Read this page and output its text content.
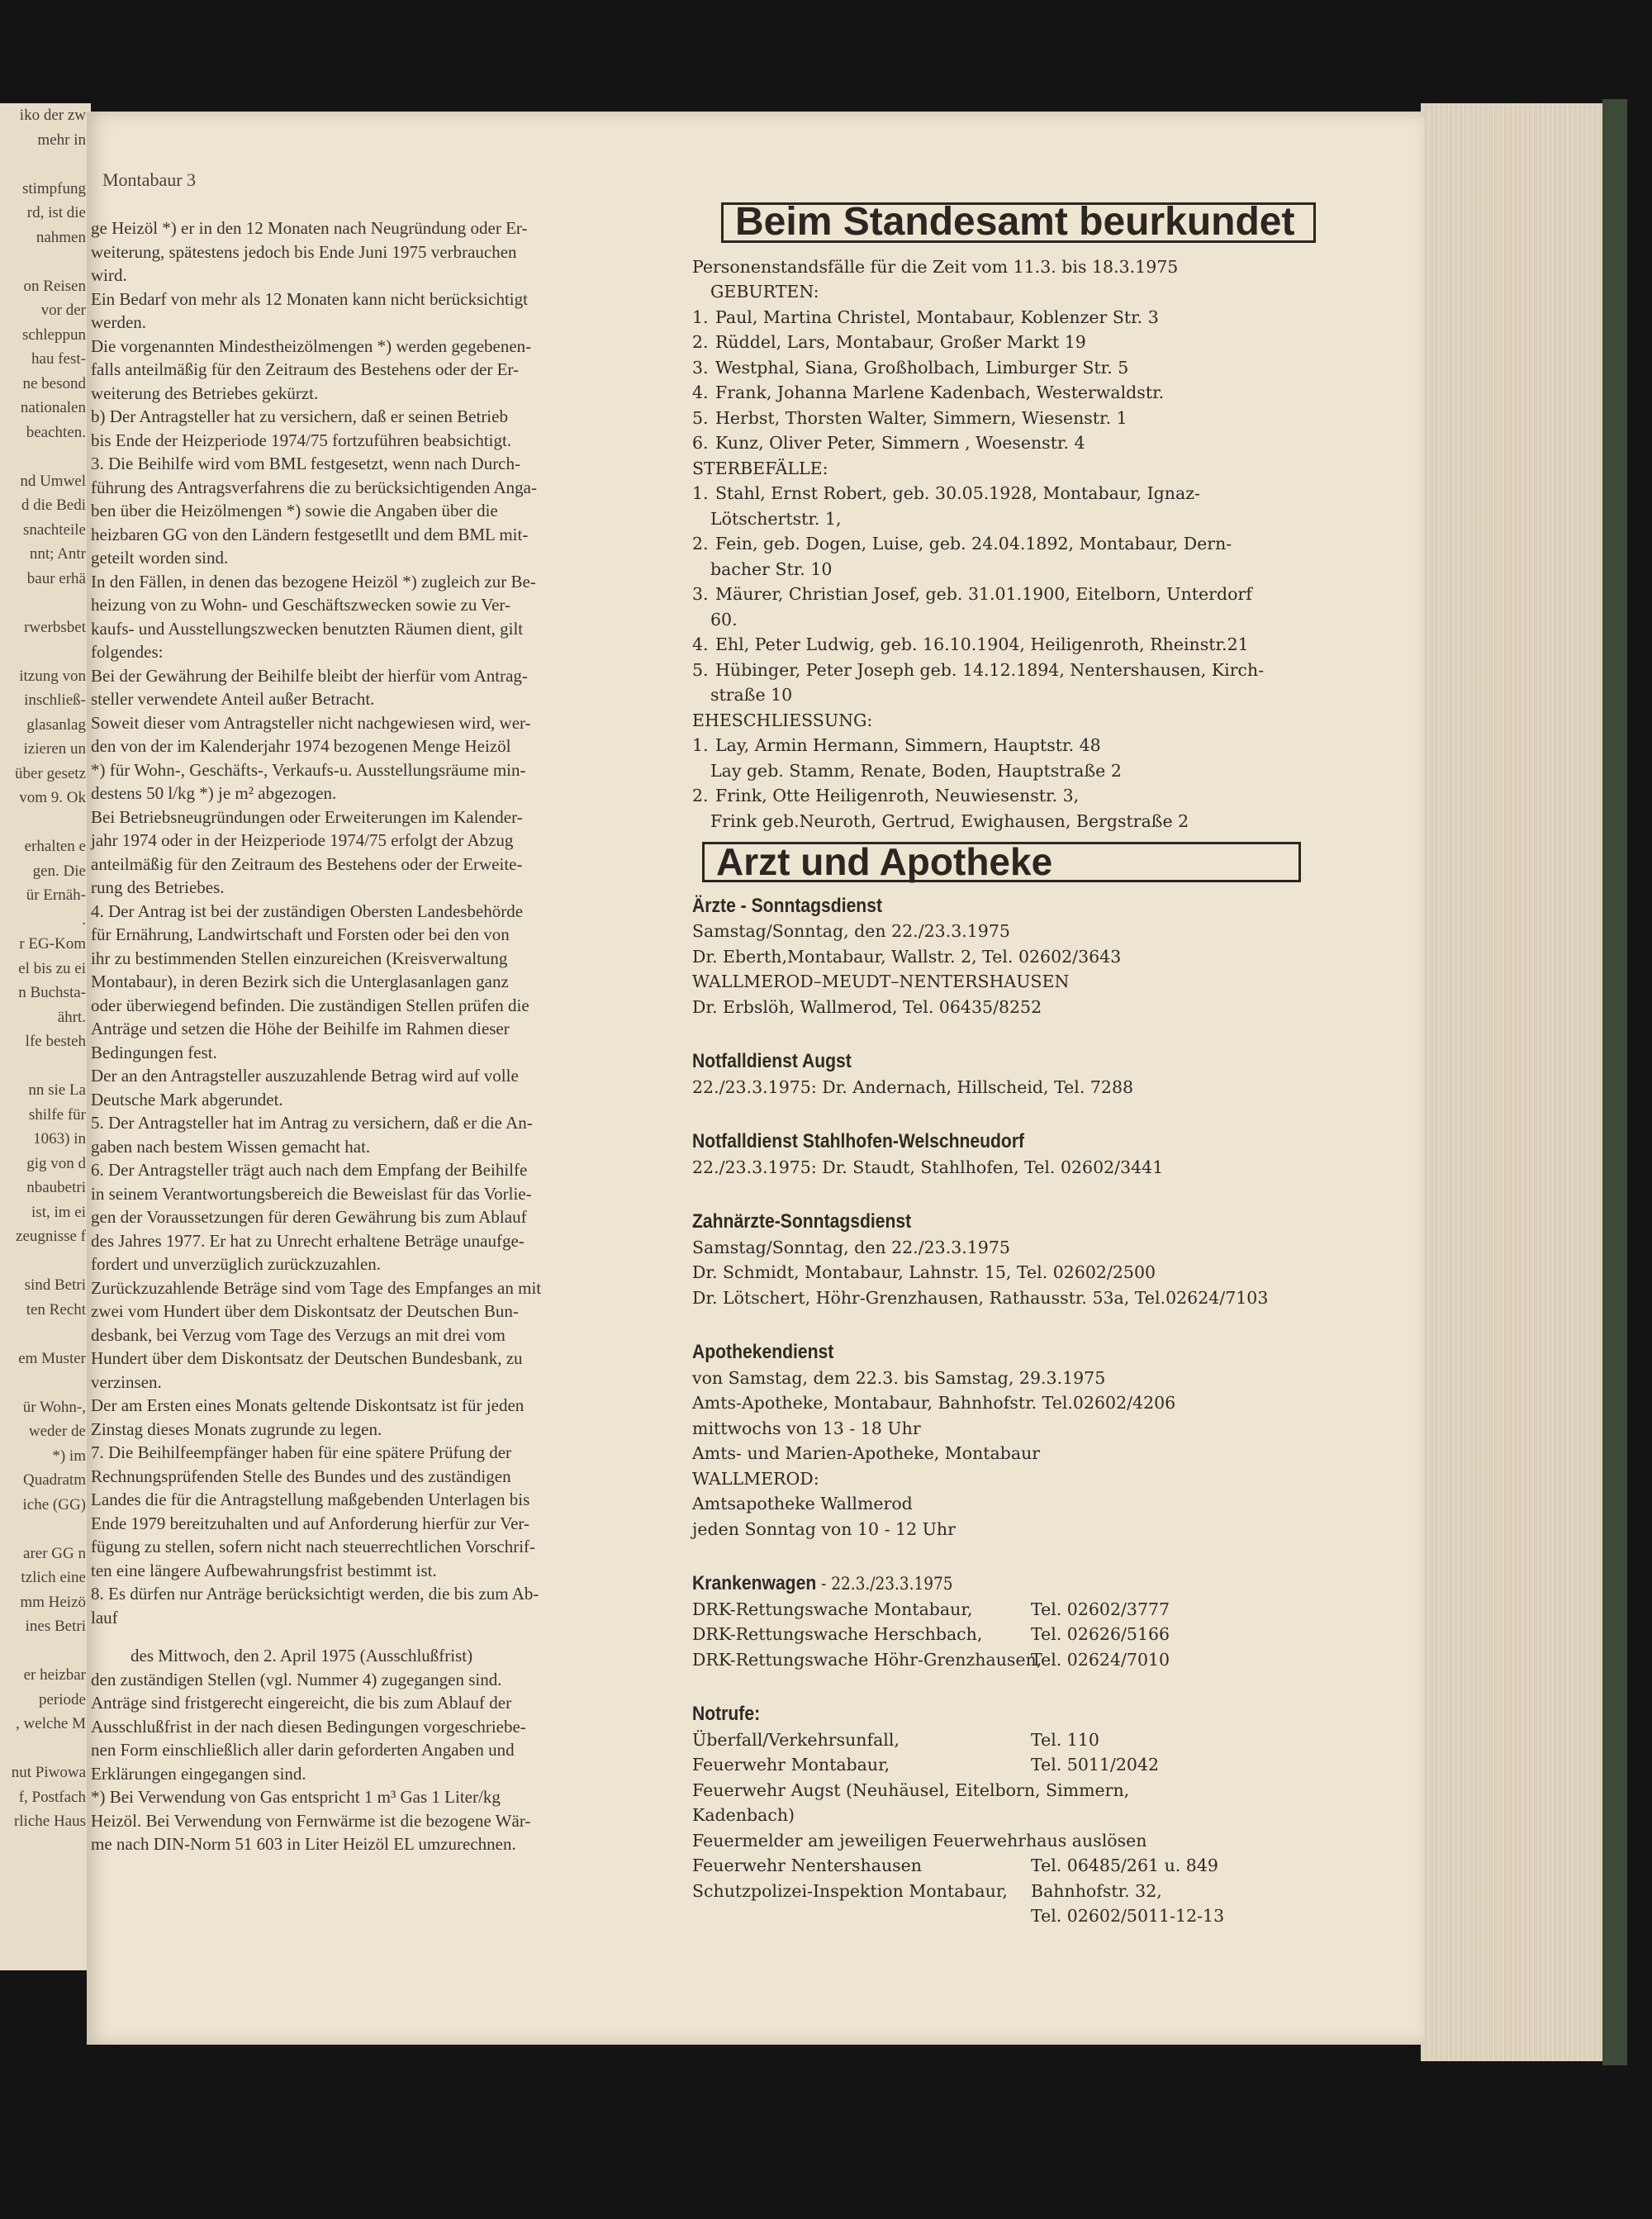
iko der zw
mehr in

stimpfung
rd, ist die
nahmen

on Reisen
vor der
schleppun
hau fest-
ne besond
nationalen
beachten.

nd Umwel
d die Bedi
snachteile
nnt; Antr
baur erhä

rwerbsbet

itzung von
inschließ-
glasanlag
izieren un
über gesetz
vom 9. Ok

erhalten e
gen. Die
ür Ernäh-
.
r EG-Kom
el bis zu ei
n Buchsta-
ährt.
lfe besteh

nn sie La
shilfe für
1063) in
gig von d
nbaubetri
ist, im ei
zeugnisse f

sind Betri
ten Recht

em Muster

ür Wohn-,
weder de
*) im
Quadratm
iche (GG)

arer GG n
tzlich eine
mm Heizö
ines Betri

er heizbar
periode
, welche M

nut Piwowa
f, Postfach
rliche Haus
Montabaur 3
ge Heizöl *) er in den 12 Monaten nach Neugründung oder Er-
weiterung, spätestens jedoch bis Ende Juni 1975 verbrauchen
wird.
Ein Bedarf von mehr als 12 Monaten kann nicht berücksichtigt
werden.
Die vorgenannten Mindestheizölmengen *) werden gegebenen-
falls anteilmäßig für den Zeitraum des Bestehens oder der Er-
weiterung des Betriebes gekürzt.
b) Der Antragsteller hat zu versichern, daß er seinen Betrieb
bis Ende der Heizperiode 1974/75 fortzuführen beabsichtigt.
3. Die Beihilfe wird vom BML festgesetzt, wenn nach Durch-
führung des Antragsverfahrens die zu berücksichtigenden Anga-
ben über die Heizölmengen *) sowie die Angaben über die
heizbaren GG von den Ländern festgesetllt und dem BML mit-
geteilt worden sind.
In den Fällen, in denen das bezogene Heizöl *) zugleich zur Be-
heizung von zu Wohn- und Geschäftszwecken sowie zu Ver-
kaufs- und Ausstellungszwecken benutzten Räumen dient, gilt
folgendes:
Bei der Gewährung der Beihilfe bleibt der hierfür vom Antrag-
steller verwendete Anteil außer Betracht.
Soweit dieser vom Antragsteller nicht nachgewiesen wird, wer-
den von der im Kalenderjahr 1974 bezogenen Menge Heizöl
*) für Wohn-, Geschäfts-, Verkaufs-u. Ausstellungsräume min-
destens 50 l/kg *) je m² abgezogen.
Bei Betriebsneugründungen oder Erweiterungen im Kalender-
jahr 1974 oder in der Heizperiode 1974/75 erfolgt der Abzug
anteilmäßig für den Zeitraum des Bestehens oder der Erweite-
rung des Betriebes.
4. Der Antrag ist bei der zuständigen Obersten Landesbehörde
für Ernährung, Landwirtschaft und Forsten oder bei den von
ihr zu bestimmenden Stellen einzureichen (Kreisverwaltung
Montabaur), in deren Bezirk sich die Unterglasanlagen ganz
oder überwiegend befinden. Die zuständigen Stellen prüfen die
Anträge und setzen die Höhe der Beihilfe im Rahmen dieser
Bedingungen fest.
Der an den Antragsteller auszuzahlende Betrag wird auf volle
Deutsche Mark abgerundet.
5. Der Antragsteller hat im Antrag zu versichern, daß er die An-
gaben nach bestem Wissen gemacht hat.
6. Der Antragsteller trägt auch nach dem Empfang der Beihilfe
in seinem Verantwortungsbereich die Beweislast für das Vorlie-
gen der Voraussetzungen für deren Gewährung bis zum Ablauf
des Jahres 1977. Er hat zu Unrecht erhaltene Beträge unaufge-
fordert und unverzüglich zurückzuzahlen.
Zurückzuzahlende Beträge sind vom Tage des Empfanges an mit
zwei vom Hundert über dem Diskontsatz der Deutschen Bun-
desbank, bei Verzug vom Tage des Verzugs an mit drei vom
Hundert über dem Diskontsatz der Deutschen Bundesbank, zu
verzinsen.
Der am Ersten eines Monats geltende Diskontsatz ist für jeden
Zinstag dieses Monats zugrunde zu legen.
7. Die Beihilfeempfänger haben für eine spätere Prüfung der
Rechnungsprüfenden Stelle des Bundes und des zuständigen
Landes die für die Antragstellung maßgebenden Unterlagen bis
Ende 1979 bereitzuhalten und auf Anforderung hierfür zur Ver-
fügung zu stellen, sofern nicht nach steuerrechtlichen Vorschrif-
ten eine längere Aufbewahrungsfrist bestimmt ist.
8. Es dürfen nur Anträge berücksichtigt werden, die bis zum Ab-
lauf
des Mittwoch, den 2. April 1975 (Ausschlußfrist)
den zuständigen Stellen (vgl. Nummer 4) zugegangen sind.
Anträge sind fristgerecht eingereicht, die bis zum Ablauf der
Ausschlußfrist in der nach diesen Bedingungen vorgeschriebe-
nen Form einschließlich aller darin geforderten Angaben und
Erklärungen eingegangen sind.
*) Bei Verwendung von Gas entspricht 1 m³ Gas 1 Liter/kg
Heizöl. Bei Verwendung von Fernwärme ist die bezogene Wär-
me nach DIN-Norm 51 603 in Liter Heizöl EL umzurechnen.
Beim Standesamt beurkundet
Personenstandsfälle für die Zeit vom 11.3. bis 18.3.1975
GEBURTEN:
1. Paul, Martina Christel, Montabaur, Koblenzer Str. 3
2. Rüddel, Lars, Montabaur, Großer Markt 19
3. Westphal, Siana, Großholbach, Limburger Str. 5
4. Frank, Johanna Marlene Kadenbach, Westerwaldstr.
5. Herbst, Thorsten Walter, Simmern, Wiesenstr. 1
6. Kunz, Oliver Peter, Simmern , Woesenstr. 4
STERBEFÄLLE:
1. Stahl, Ernst Robert, geb. 30.05.1928, Montabaur, Ignaz-
Lötschertstr. 1,
2. Fein, geb. Dogen, Luise, geb. 24.04.1892, Montabaur, Dern-
bacher Str. 10
3. Mäurer, Christian Josef, geb. 31.01.1900, Eitelborn, Unterdorf
60.
4. Ehl, Peter Ludwig, geb. 16.10.1904, Heiligenroth, Rheinstr.21
5. Hübinger, Peter Joseph geb. 14.12.1894, Nentershausen, Kirch-
straße 10
EHESCHLIESSUNG:
1. Lay, Armin Hermann, Simmern, Hauptstr. 48
Lay geb. Stamm, Renate, Boden, Hauptstraße 2
2. Frink, Otte Heiligenroth, Neuwiesenstr. 3,
Frink geb.Neuroth, Gertrud, Ewighausen, Bergstraße 2
Arzt und Apotheke
Ärzte - Sonntagsdienst
Samstag/Sonntag, den 22./23.3.1975
Dr. Eberth,Montabaur, Wallstr. 2, Tel. 02602/3643
WALLMEROD–MEUDT–NENTERSHAUSEN
Dr. Erbslöh, Wallmerod, Tel. 06435/8252
Notfalldienst Augst
22./23.3.1975: Dr. Andernach, Hillscheid, Tel. 7288
Notfalldienst Stahlhofen-Welschneudorf
22./23.3.1975: Dr. Staudt, Stahlhofen, Tel. 02602/3441
Zahnärzte-Sonntagsdienst
Samstag/Sonntag, den 22./23.3.1975
Dr. Schmidt, Montabaur, Lahnstr. 15, Tel. 02602/2500
Dr. Lötschert, Höhr-Grenzhausen, Rathausstr. 53a, Tel.02624/7103
Apothekendienst
von Samstag, dem 22.3. bis Samstag, 29.3.1975
Amts-Apotheke, Montabaur, Bahnhofstr. Tel.02602/4206
mittwochs von 13 - 18 Uhr
Amts- und Marien-Apotheke, Montabaur
WALLMEROD:
Amtsapotheke Wallmerod
jeden Sonntag von 10 - 12 Uhr
Krankenwagen - 22.3./23.3.1975
DRK-Rettungswache Montabaur,	Tel. 02602/3777
DRK-Rettungswache Herschbach,	Tel. 02626/5166
DRK-Rettungswache Höhr-Grenzhausen,Tel. 02624/7010
Notrufe:
Überfall/Verkehrsunfall,	Tel. 110
Feuerwehr Montabaur,	Tel. 5011/2042
Feuerwehr Augst (Neuhäusel, Eitelborn, Simmern,
Kadenbach)
Feuermelder am jeweiligen Feuerwehrhaus auslösen
Feuerwehr Nentershausen	Tel. 06485/261 u. 849
Schutzpolizei-Inspektion Montabaur, Bahnhofstr. 32,
Tel. 02602/5011-12-13
